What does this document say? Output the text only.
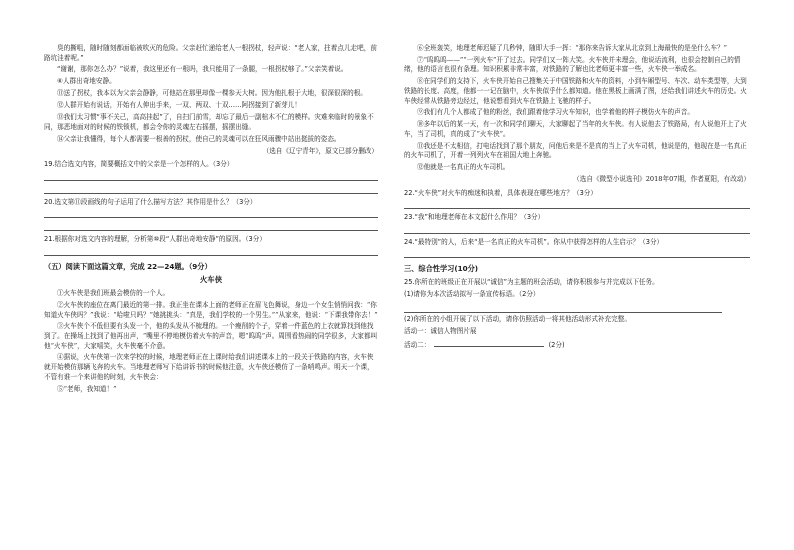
臭的撕咀，随时随刻都面临被吹灭的危险。父亲赶忙递给老人一根拐杖，轻声说：“老人家，拄着点儿走吧，前路坑洼着呢。”

“谢谢，那你怎么办？”说着，我这里还有一根吗，我只能用了一条腿，一根拐杖够了。”父亲笑着说。

⑥人群出奇地安静。

⑪送了拐杖，我本以为父亲会静静，可他站在那里却像一棵参天大树。因为他扎根于大地，很深很深的根。

⑫人群开始有说话，开始有人伸出手来，一双、两双、十双……阿拐接到了新芽儿！

⑬我们太习惯“事不关己，高高挂起”了，自扫门前雪，却忘了最后一副棺木不仁的模样。灾难来临时的景象不同，那恶地面对的时候的铁锁机，都会令你的灵魂左右摇摆，摇摆出缝。

⑭父亲让我懂得，每个人都需要一根善的拐杖，使自己的灵魂可以在狂风雨骤中站出挺拔的姿态。

（选自《辽宁青年》，原文已部分删改）

19.结合选文内容，简要概括文中的父亲是一个怎样的人。（3分）

20.选文第⑪段画线的句子运用了什么描写方法？其作用是什么？（3分）

21.根据你对选文内容的理解，分析第⑩段“人群出奇地安静”的原因。（3分）

（五）阅读下面这篇文章，完成 22—24题。（9分）

火车侠

①火车侠是我们班最会模仿的一个人。

②火车侠的座位在离门最近的第一排。我正坐在课本上面的老师正在眉飞色舞说，身边一个女生悄悄问我：“你知道火车侠吗？”我说：“哈啦只吗？”她挑挑头：“真是，我们学校的一个男生。”“从家来，他说：“下课我带你去！”

③火车侠个不低但要有头发一个，他的头发从不梳理的。一个瘦削的个子，穿着一件蓝色的上衣就算找到他找到了。在操场上找到了他再出声，“嘴里不停地模仿着火车的声音，嗯“呜呜”声。周围看热闹的同学很多，大家都叫他“火车侠”，大家嘻笑，火车侠毫不介意。

④据说，火车侠第一次来学校的时候，地理老师正在上课时给我们讲述课本上的一段关于铁路的内容，火车侠就开始模仿那辆飞奔的火车。当地理老师写下给讲诉书的时候他注意，火车侠还模仿了一条哨鸣声。明天一个课，不管有谁一个来讲他的时刻，火车侠会：

⑤“老师，我知道！”

⑥全班轰笑，地理老师迟疑了几秒钟，随即大手一挥：“那你来告诉大家从北京到上海最快的是坐什么车？”

⑦“呜呜呜——”“一列火车”开了过去。同学们又一阵大笑。火车侠并未理会，他说话流利，也很会控制自己的情绪，他的语言也很有条理。知识积累非常丰富，对铁路的了解也比老师更丰富一些，火车侠一举成名。

⑧在同学们的支持下，火车侠开始自己搜集关于中国铁路和火车的资料，小到车厢型号、车次、动车类型等，大到铁路的长度、高度，他都一一记在脑中，火车侠似乎什么都知道。他在黑板上画满了图，还给我们讲述火车的历史。火车侠经常从铁路旁边经过，他说想看到火车在铁路上飞驰的样子。

⑨我们有几个人都成了他的粉丝，我们跟着他学习火车知识，也学着他的样子模仿火车的声音。

⑩多年以后的某一天，有一次和同学们聊天，大家聊起了当年的火车侠。有人说他去了铁路局，有人说他开上了火车，当了司机，真的成了“火车侠”。

⑪我还是不太相信，打电话找到了那个朋友，问他后来是不是真的当上了火车司机，他说是的，他现在是一名真正的火车司机了，开着一列列火车在祖国大地上奔驰。

⑫他就是一名真正的火车司机。

（选自《微型小说选刊》2018年07期，作者夏阳，有改动）

22.“火车侠”对火车的痴迷和执着，具体表现在哪些地方？（3分）

23.“我”和地理老师在本文起什么作用？（3分）

24.“最特别”的人，后来“是一名真正的火车司机”。你从中获得怎样的人生启示？（3分）

三、综合性学习(10分)

25.你所在的班级正在开展以“诚信”为主题的班会活动，请你积极参与并完成以下任务。

(1)请你为本次活动拟写一条宣传标语。（2分）

(2)你所在的小组开展了以下活动，请你仿照活动一将其他活动形式补充完整。

活动一：诚信人物图片展

活动二：	(2分)
